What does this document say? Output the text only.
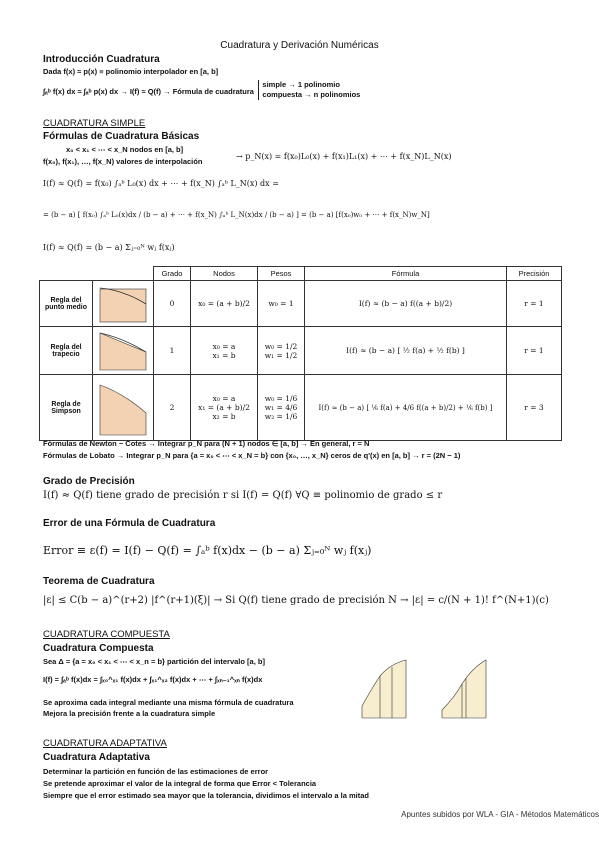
Cuadratura y Derivación Numéricas
Introducción Cuadratura
Dada f(x) ≈ p(x) ≡ polinomio interpolador en [a, b]
∫ₐᵇ f(x) dx ≈ ∫ₐᵇ p(x) dx → I(f) ≈ Q(f) → Fórmula de cuadratura simple → 1 polinomio
compuesta → n polinomios
CUADRATURA SIMPLE
Fórmulas de Cuadratura Básicas
x₀ < x₁ < ⋯ < x_N nodos en [a, b]
f(x₀), f(x₁), …, f(x_N) valores de interpolación
→ p_N(x) = f(x₀)L₀(x) + f(x₁)L₁(x) + ⋯ + f(x_N)L_N(x)
I(f) ≈ Q(f) = f(x₀) ∫ₐᵇ L₀(x) dx + ⋯ + f(x_N) ∫ₐᵇ L_N(x) dx =
= (b − a) [ f(x₀) ∫ₐᵇ L₀(x)dx / (b − a) + ⋯ + f(x_N) ∫ₐᵇ L_N(x)dx / (b − a) ] = (b − a) [f(x₀)w₀ + ⋯ + f(x_N)w_N]
I(f) ≈ Q(f) = (b − a) Σⱼ₌₀ᴺ wⱼ f(xⱼ)
		Grado	Nodos	Pesos	Fórmula	Precisión
Regla del punto medio		0	x₀ = (a + b)/2	w₀ = 1	I(f) ≈ (b − a) f((a + b)/2)	r = 1
Regla del trapecio		1	x₀ = a
x₁ = b	w₀ = 1/2
w₁ = 1/2	I(f) ≈ (b − a) [ ½ f(a) + ½ f(b) ]	r = 1
Regla de Simpson		2	x₀ = a
x₁ = (a + b)/2
x₂ = b	w₀ = 1/6
w₁ = 4/6
w₂ = 1/6	I(f) ≈ (b − a) [ ⅙ f(a) + 4/6 f((a + b)/2) + ⅙ f(b) ]	r = 3
Fórmulas de Newton − Cotes → Integrar p_N para (N + 1) nodos ∈ [a, b] → En general, r = N
Fórmulas de Lobato → Integrar p_N para {a = x₀ < ⋯ < x_N = b} con {x₀, …, x_N} ceros de q′(x) en [a, b] → r = (2N − 1)
Grado de Precisión
I(f) ≈ Q(f) tiene grado de precisión r si I(f) = Q(f) ∀Q ≡ polinomio de grado ≤ r
Error de una Fórmula de Cuadratura
Error ≡ ε(f) = I(f) − Q(f) = ∫ₐᵇ f(x)dx − (b − a) Σⱼ₌₀ᴺ wⱼ f(xⱼ)
Teorema de Cuadratura
|ε| ≤ C(b − a)^(r+2) |f^(r+1)(ξ)| → Si Q(f) tiene grado de precisión N → |ε| = c/(N + 1)! f^(N+1)(c)
CUADRATURA COMPUESTA
Cuadratura Compuesta
Sea Δ = {a = x₀ < x₁ < ⋯ < x_n = b} partición del intervalo [a, b]
I(f) = ∫ₐᵇ f(x)dx = ∫ₓ₀^ₓ₁ f(x)dx + ∫ₓ₁^ₓ₂ f(x)dx + ⋯ + ∫ₓₙ₋₁^ₓₙ f(x)dx
Se aproxima cada integral mediante una misma fórmula de cuadratura
Mejora la precisión frente a la cuadratura simple
CUADRATURA ADAPTATIVA
Cuadratura Adaptativa
Determinar la partición en función de las estimaciones de error
Se pretende aproximar el valor de la integral de forma que Error < Tolerancia
Siempre que el error estimado sea mayor que la tolerancia, dividimos el intervalo a la mitad
Apuntes subidos por WLA - GIA - Métodos Matemáticos
